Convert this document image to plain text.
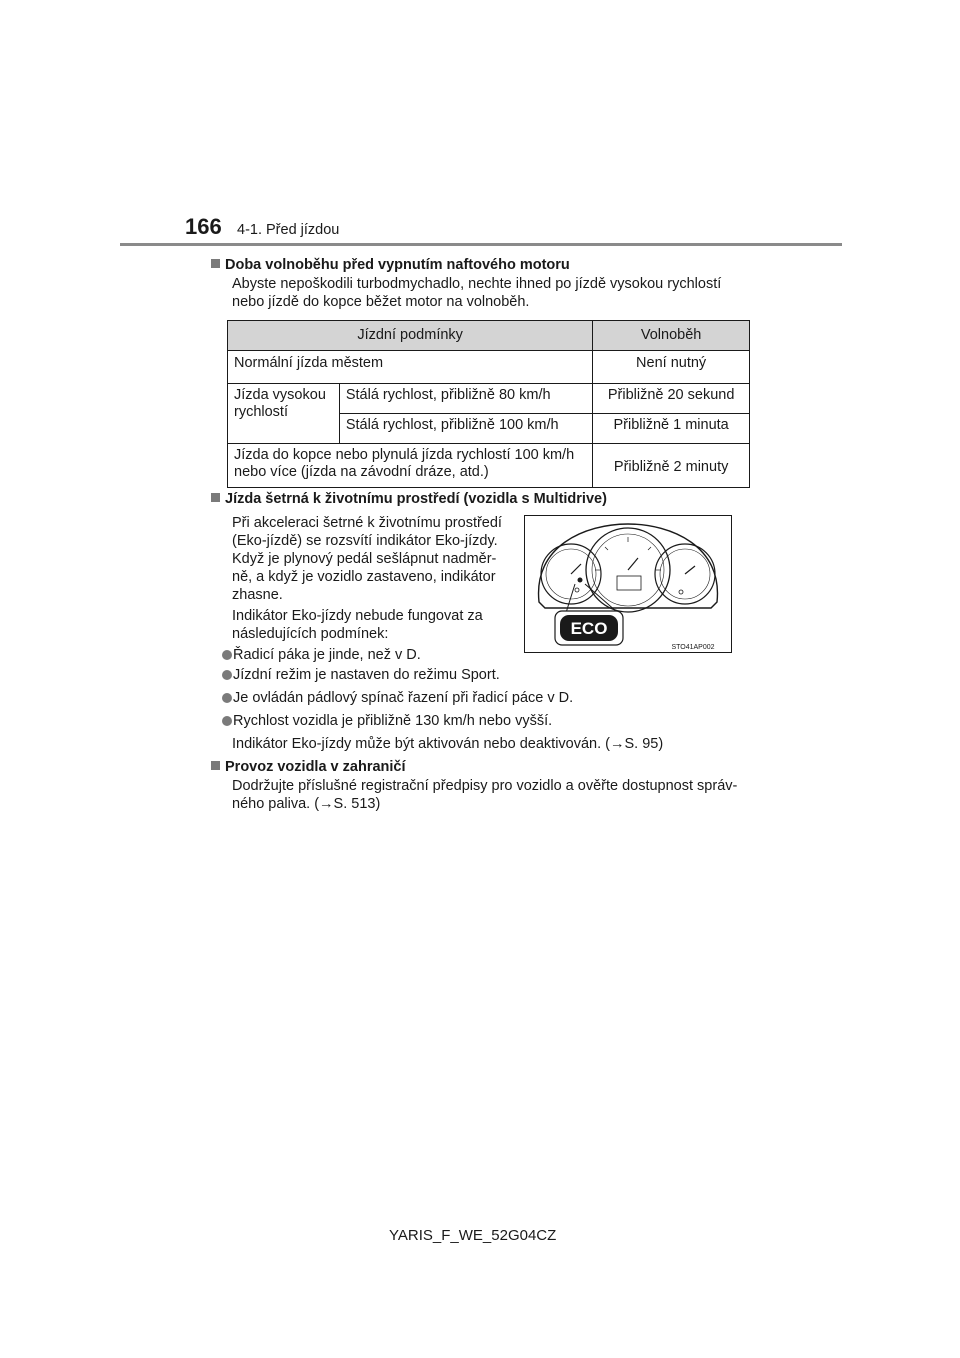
166 4-1. Před jízdou
Doba volnoběhu před vypnutím naftového motoru
Abyste nepoškodili turbodmychadlo, nechte ihned po jízdě vysokou rychlostí
nebo jízdě do kopce běžet motor na volnoběh.
Jízdní podmínky		Volnoběh
Normální jízda městem		Není nutný

Jízda vysokou
rychlostí	Stálá rychlost, přibližně 80 km/h	Přibližně 20 sekund
	Stálá rychlost, přibližně 100 km/h	Přibližně 1 minuta

Jízda do kopce nebo plynulá jízda rychlostí 100 km/h
nebo více (jízda na závodní dráze, atd.)		Přibližně 2 minuty
Jízda šetrná k životnímu prostředí (vozidla s Multidrive)
Při akceleraci šetrné k životnímu prostředí
(Eko-jízdě) se rozsvítí indikátor Eko-jízdy.
Když je plynový pedál sešlápnut nadměr-
ně, a když je vozidlo zastaveno, indikátor
zhasne.
Indikátor Eko-jízdy nebude fungovat za
následujících podmínek:
Řadicí páka je jinde, než v D.
Jízdní režim je nastaven do režimu Sport.
Je ovládán pádlový spínač řazení při řadicí páce v D.
Rychlost vozidla je přibližně 130 km/h nebo vyšší.
Indikátor Eko-jízdy může být aktivován nebo deaktivován. (→S. 95)
ECO
STO41AP002
Provoz vozidla v zahraničí
Dodržujte příslušné registrační předpisy pro vozidlo a ověřte dostupnost správ-
ného paliva. (→S. 513)
YARIS_F_WE_52G04CZ
